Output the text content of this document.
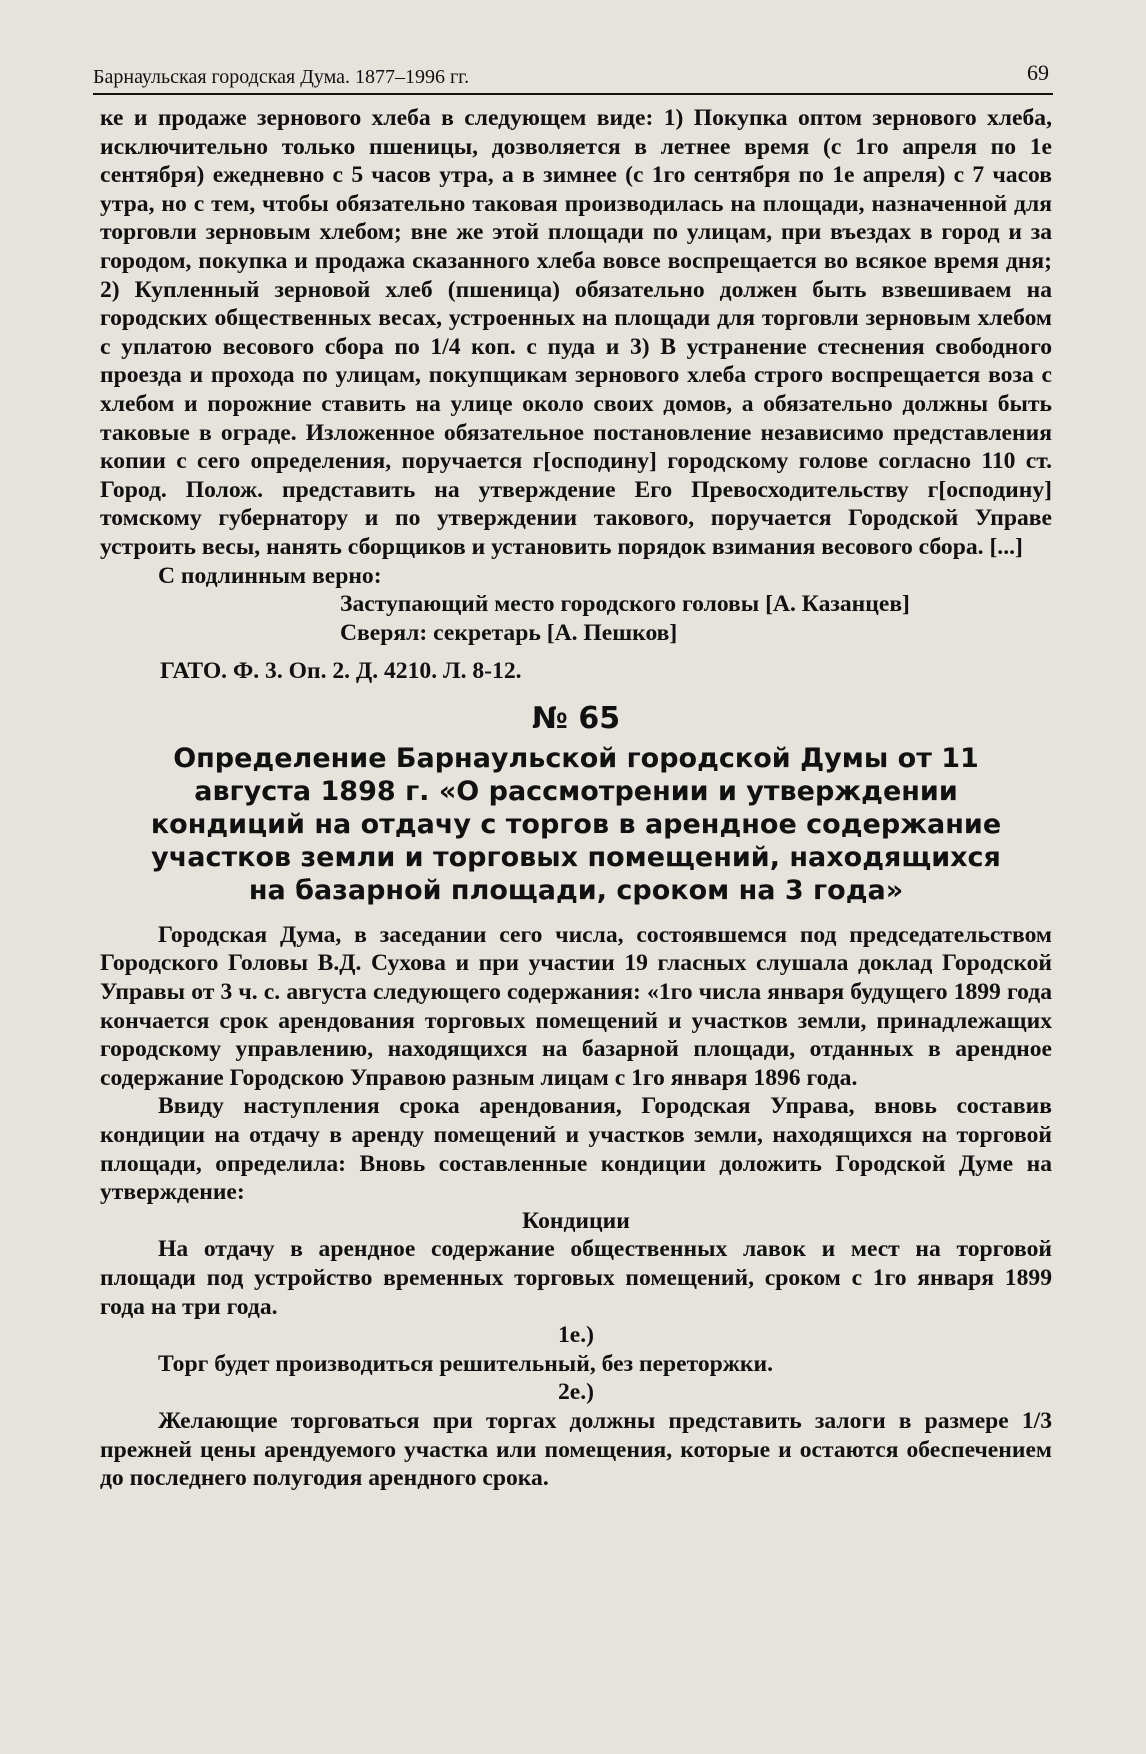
Барнаульская городская Дума. 1877–1996 гг.	69

ке и продаже зернового хлеба в следующем виде: 1) Покупка оптом зернового хлеба, исключительно только пшеницы, дозволяется в летнее время (с 1го апреля по 1е сентября) ежедневно с 5 часов утра, а в зимнее (с 1го сентября по 1е апреля) с 7 часов утра, но с тем, чтобы обязательно таковая производилась на площади, назначенной для торговли зерновым хлебом; вне же этой площади по улицам, при въездах в город и за городом, покупка и продажа сказанного хлеба вовсе воспрещается во всякое время дня; 2) Купленный зерновой хлеб (пшеница) обязательно должен быть взвешиваем на городских общественных весах, устроенных на площади для торговли зерновым хлебом с уплатою весового сбора по 1/4 коп. с пуда и 3) В устранение стеснения свободного проезда и прохода по улицам, покупщикам зернового хлеба строго воспрещается воза с хлебом и порожние ставить на улице около своих домов, а обязательно должны быть таковые в ограде. Изложенное обязательное постановление независимо представления копии с сего определения, поручается г[осподину] городскому голове согласно 110 ст. Город. Полож. представить на утверждение Его Превосходительству г[осподину] томскому губернатору и по утверждении такового, поручается Городской Управе устроить весы, нанять сборщиков и установить порядок взимания весового сбора. [...]

С подлинным верно:

Заступающий место городского головы [А. Казанцев]

Сверял: секретарь [А. Пешков]

ГАТО. Ф. 3. Оп. 2. Д. 4210. Л. 8-12.

№ 65
Определение Барнаульской городской Думы от 11 августа 1898 г. «О рассмотрении и утверждении кондиций на отдачу с торгов в арендное содержание участков земли и торговых помещений, находящихся на базарной площади, сроком на 3 года»

Городская Дума, в заседании сего числа, состоявшемся под председательством Городского Головы В.Д. Сухова и при участии 19 гласных слушала доклад Городской Управы от 3 ч. с. августа следующего содержания: «1го числа января будущего 1899 года кончается срок арендования торговых помещений и участков земли, принадлежащих городскому управлению, находящихся на базарной площади, отданных в арендное содержание Городскою Управою разным лицам с 1го января 1896 года.

Ввиду наступления срока арендования, Городская Управа, вновь составив кондиции на отдачу в аренду помещений и участков земли, находящихся на торговой площади, определила: Вновь составленные кондиции доложить Городской Думе на утверждение:

Кондиции

На отдачу в арендное содержание общественных лавок и мест на торговой площади под устройство временных торговых помещений, сроком с 1го января 1899 года на три года.

1е.)

Торг будет производиться решительный, без переторжки.

2е.)

Желающие торговаться при торгах должны представить залоги в размере 1/3 прежней цены арендуемого участка или помещения, которые и остаются обеспечением до последнего полугодия арендного срока.
